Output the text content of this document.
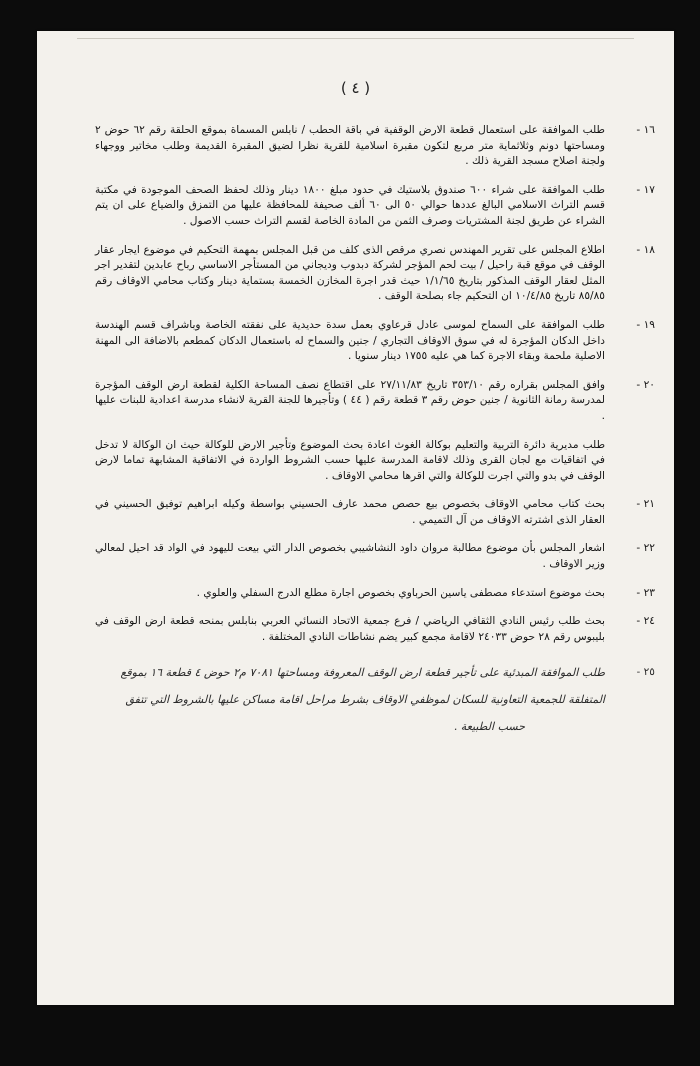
( ٤ )
١٦ -
طلب الموافقة على استعمال قطعة الارض الوقفية في باقة الحطب / نابلس المسماة بموقع الحلقة رقم ٦٢ حوض ٢ ومساحتها دونم وثلاثماية متر مربع لتكون مقبرة اسلامية للقرية نظرا لضيق المقبرة القديمة وطلب مخاتير ووجهاء ولجنة اصلاح مسجد القرية ذلك .
١٧ -
طلب الموافقة على شراء ٦٠٠ صندوق بلاستيك في حدود مبلغ ١٨٠٠ دينار وذلك لحفظ الصحف الموجودة في مكتبة قسم التراث الاسلامي البالغ عددها حوالي ٥٠ الى ٦٠ ألف صحيفة للمحافظة عليها من التمزق والضياع على ان يتم الشراء عن طريق لجنة المشتريات وصرف الثمن من المادة الخاصة لقسم التراث حسب الاصول .
١٨ -
اطلاع المجلس على تقرير المهندس نصري مرقص الذى كلف من قبل المجلس بمهمة التحكيم في موضوع ايجار عقار الوقف في موقع قبة راحيل / بيت لحم المؤجر لشركة دبدوب وديجاني من المستأجر الاساسي رباح عابدين لتقدير اجر المثل لعقار الوقف المذكور بتاريخ ١/١/٦٥ حيث قدر اجرة المخازن الخمسة بستماية دينار وكتاب محامي الاوقاف رقم ٨٥/٨٥ تاريخ ١٠/٤/٨٥ ان التحكيم جاء بصلحة الوقف .
١٩ -
طلب الموافقة على السماح لموسى عادل قرعاوي بعمل سدة حديدية على نفقته الخاصة وباشراف قسم الهندسة داخل الدكان المؤجرة له في سوق الاوقاف التجاري / جنين والسماح له باستعمال الدكان كمطعم بالاضافة الى المهنة الاصلية ملحمة وبقاء الاجرة كما هي عليه ١٧٥٥ دينار سنويا .
٢٠ -
وافق المجلس بقراره رقم ٣٥٣/١٠ تاريخ ٢٧/١١/٨٣ على اقتطاع نصف المساحة الكلية لقطعة ارض الوقف المؤجرة لمدرسة رمانة الثانوية / جنين حوض رقم ٣ قطعة رقم ( ٤٤ ) وتأجيرها للجنة القرية لانشاء مدرسة اعدادية للبنات عليها .
طلب مديرية دائرة التربية والتعليم بوكالة الغوث اعادة بحث الموضوع وتأجير الارض للوكالة حيث ان الوكالة لا تدخل في اتفاقيات مع لجان القرى وذلك لاقامة المدرسة عليها حسب الشروط الواردة في الاتفاقية المشابهة تماما لارض الوقف في بدو والتي اجرت للوكالة والتي اقرها محامي الاوقاف .
٢١ -
بحث كتاب محامي الاوقاف بخصوص بيع حصص محمد عارف الحسيني بواسطة وكيله ابراهيم توفيق الحسيني في العقار الذى اشترته الاوقاف من آل التميمي .
٢٢ -
اشعار المجلس بأن موضوع مطالبة مروان داود النشاشيبي بخصوص الدار التي بيعت لليهود في الواد قد احيل لمعالي وزير الاوقاف .
٢٣ -
بحث موضوع استدعاء مصطفى ياسين الحرباوي بخصوص اجارة مطلع الدرج السفلي والعلوي .
٢٤ -
بحث طلب رئيس النادي الثقافي الرياضي / فرع جمعية الاتحاد النسائي العربي بنابلس بمنحه قطعة ارض الوقف في بليبوس رقم ٢٨ حوض ٢٤٠٣٣ لاقامة مجمع كبير يضم نشاطات النادي المختلفة .
٢٥ -
طلب الموافقة المبدئية على تأجير قطعة ارض الوقف المعروفة ومساحتها ٧٠٨١ م٢ حوض ٤ قطعة ١٦ بموقع المتفلقة للجمعية التعاونية للسكان لموظفي الاوقاف بشرط مراحل اقامة مساكن عليها بالشروط التي تتفق
حسب الطبيعة .
